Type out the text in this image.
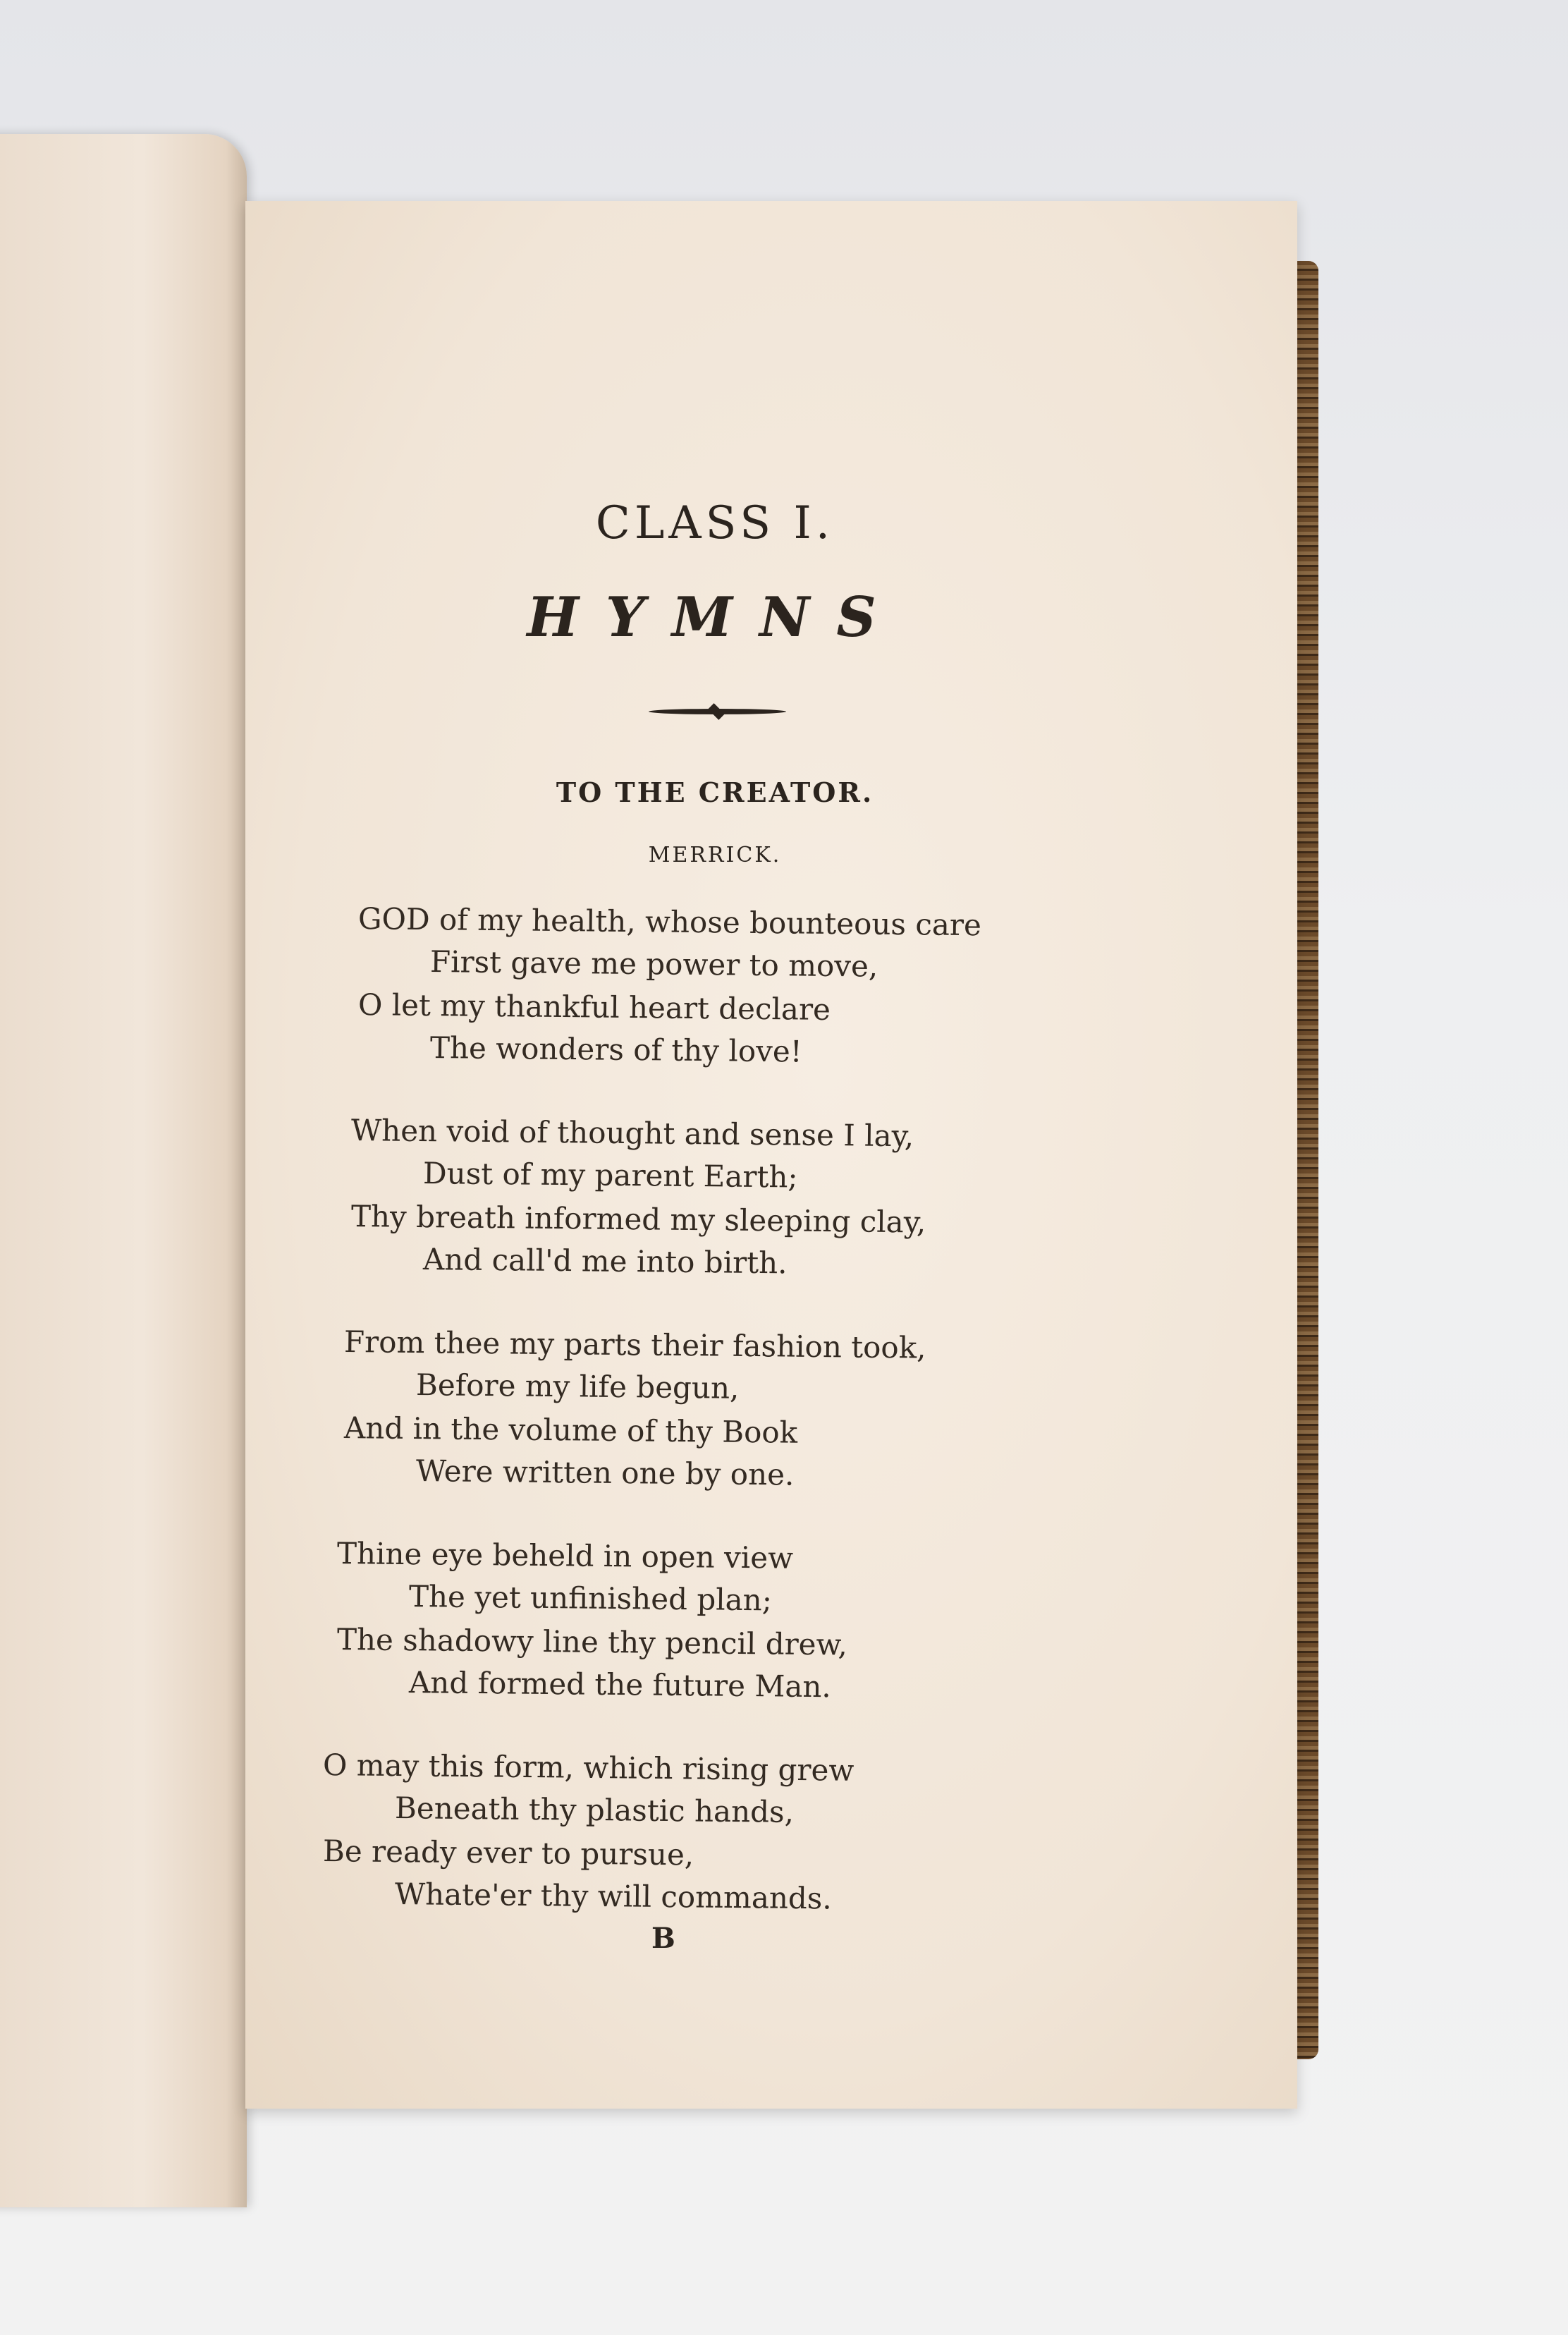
CLASS I.
HYMNS
TO THE CREATOR.
MERRICK.
GOD of my health, whose bounteous care
First gave me power to move,
O let my thankful heart declare
The wonders of thy love!
When void of thought and sense I lay,
Dust of my parent Earth;
Thy breath informed my sleeping clay,
And call'd me into birth.
From thee my parts their fashion took,
Before my life begun,
And in the volume of thy Book
Were written one by one.
Thine eye beheld in open view
The yet unfinished plan;
The shadowy line thy pencil drew,
And formed the future Man.
O may this form, which rising grew
Beneath thy plastic hands,
Be ready ever to pursue,
Whate'er thy will commands.
B
